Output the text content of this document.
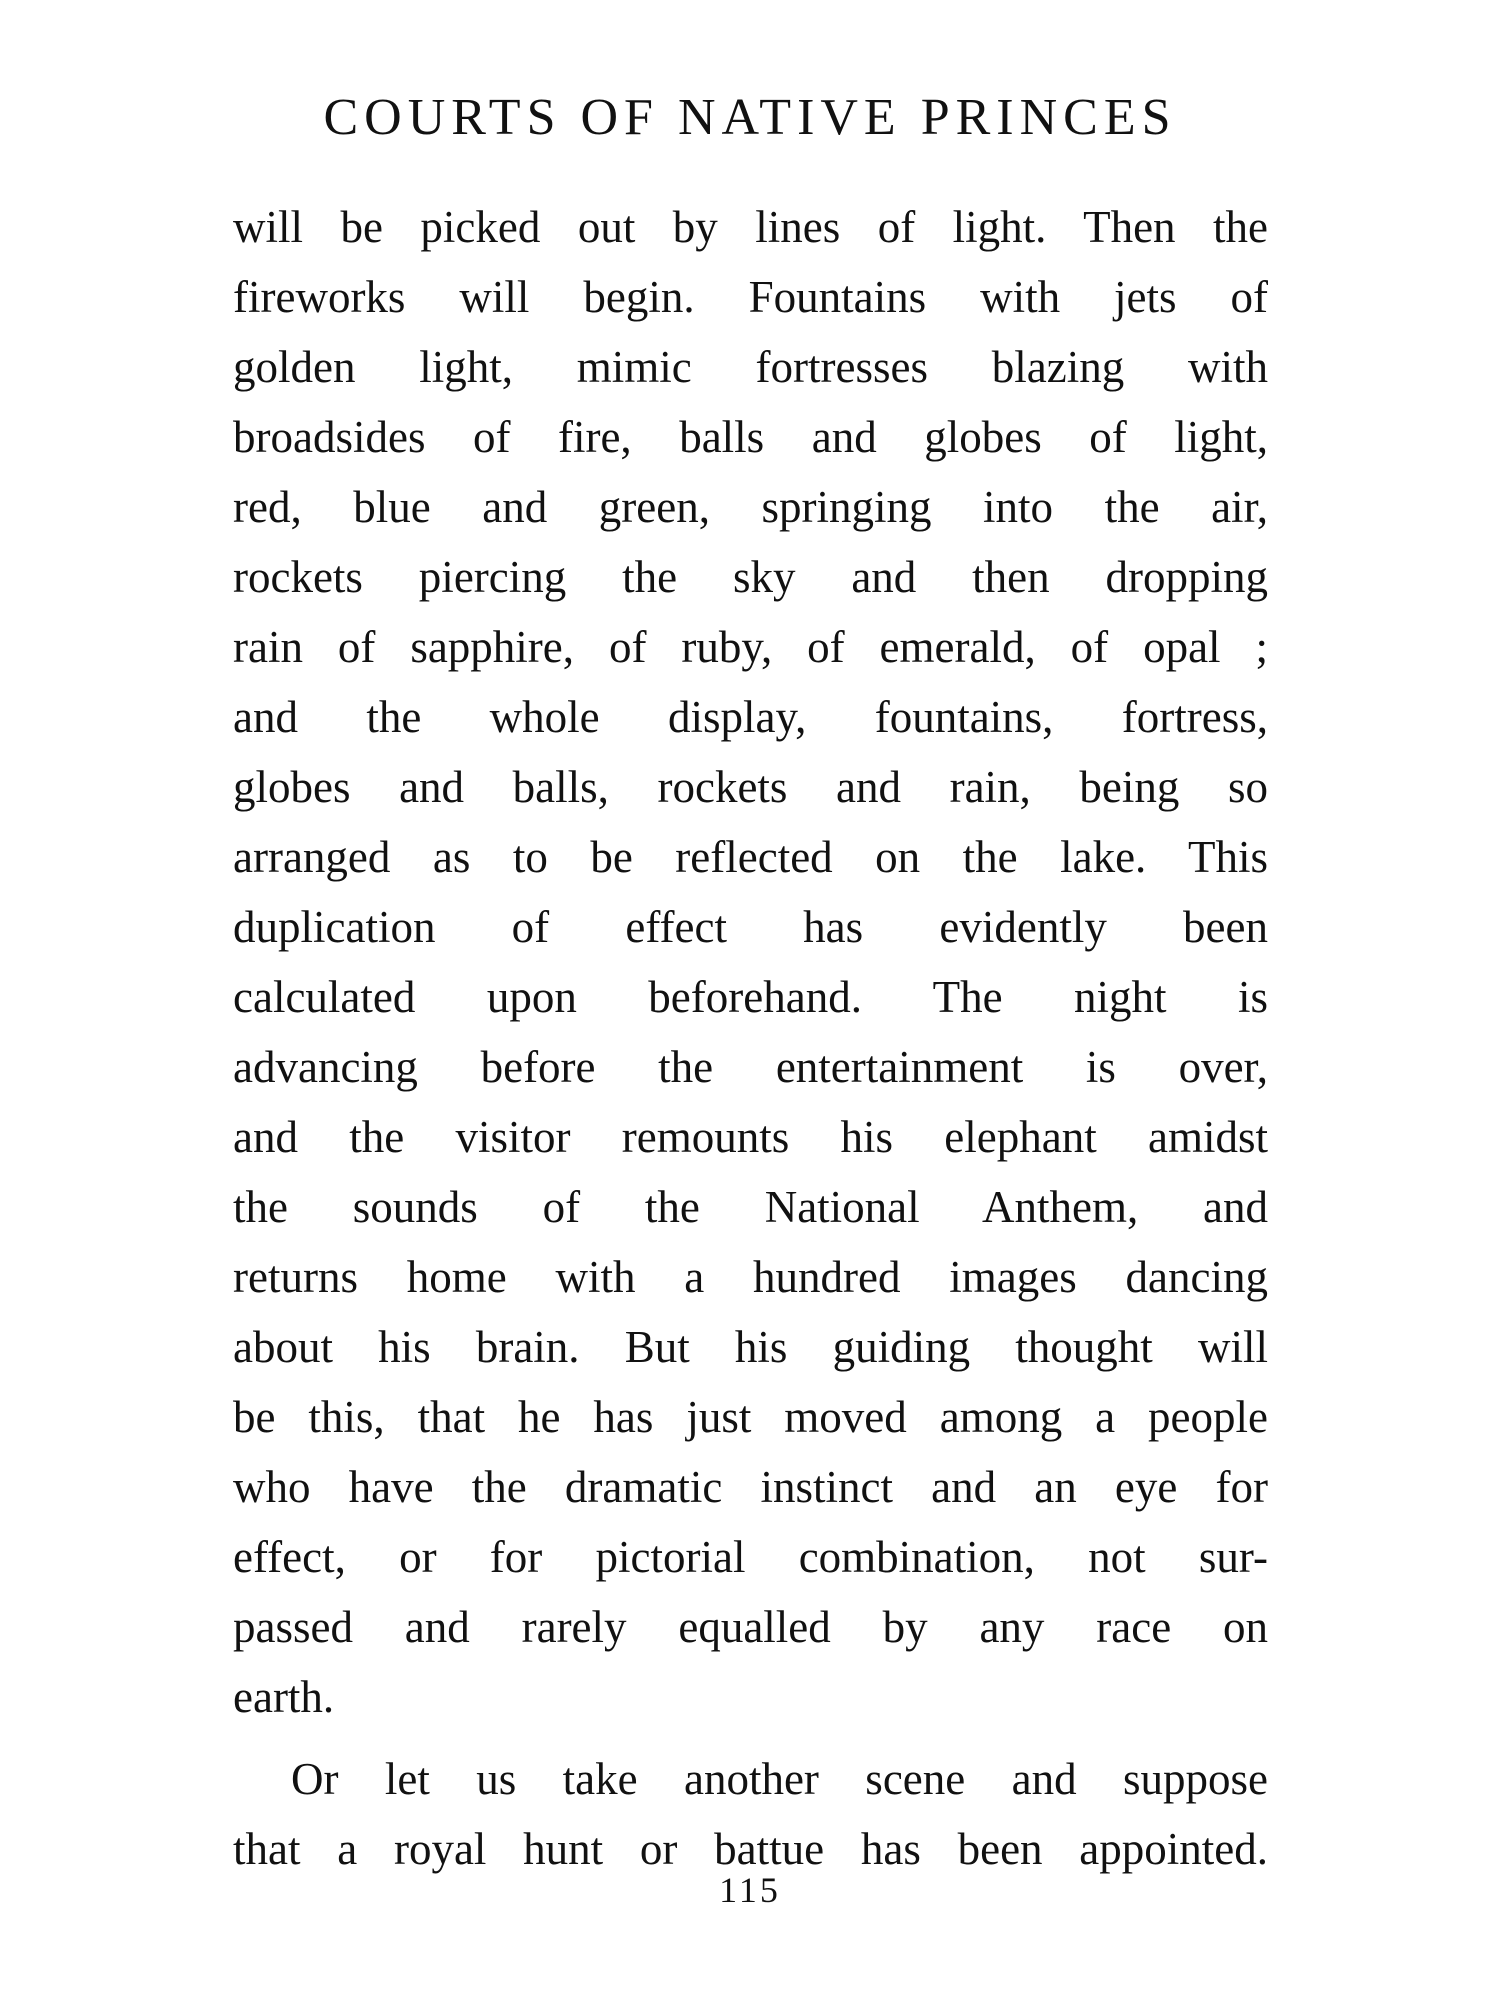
COURTS OF NATIVE PRINCES
will be picked out by lines of light. Then the
fireworks will begin. Fountains with jets of
golden light, mimic fortresses blazing with
broadsides of fire, balls and globes of light,
red, blue and green, springing into the air,
rockets piercing the sky and then dropping
rain of sapphire, of ruby, of emerald, of opal ;
and the whole display, fountains, fortress,
globes and balls, rockets and rain, being so
arranged as to be reflected on the lake. This
duplication of effect has evidently been
calculated upon beforehand. The night is
advancing before the entertainment is over,
and the visitor remounts his elephant amidst
the sounds of the National Anthem, and
returns home with a hundred images dancing
about his brain. But his guiding thought will
be this, that he has just moved among a people
who have the dramatic instinct and an eye for
effect, or for pictorial combination, not sur-
passed and rarely equalled by any race on
earth.
Or let us take another scene and suppose
that a royal hunt or battue has been appointed.
115
